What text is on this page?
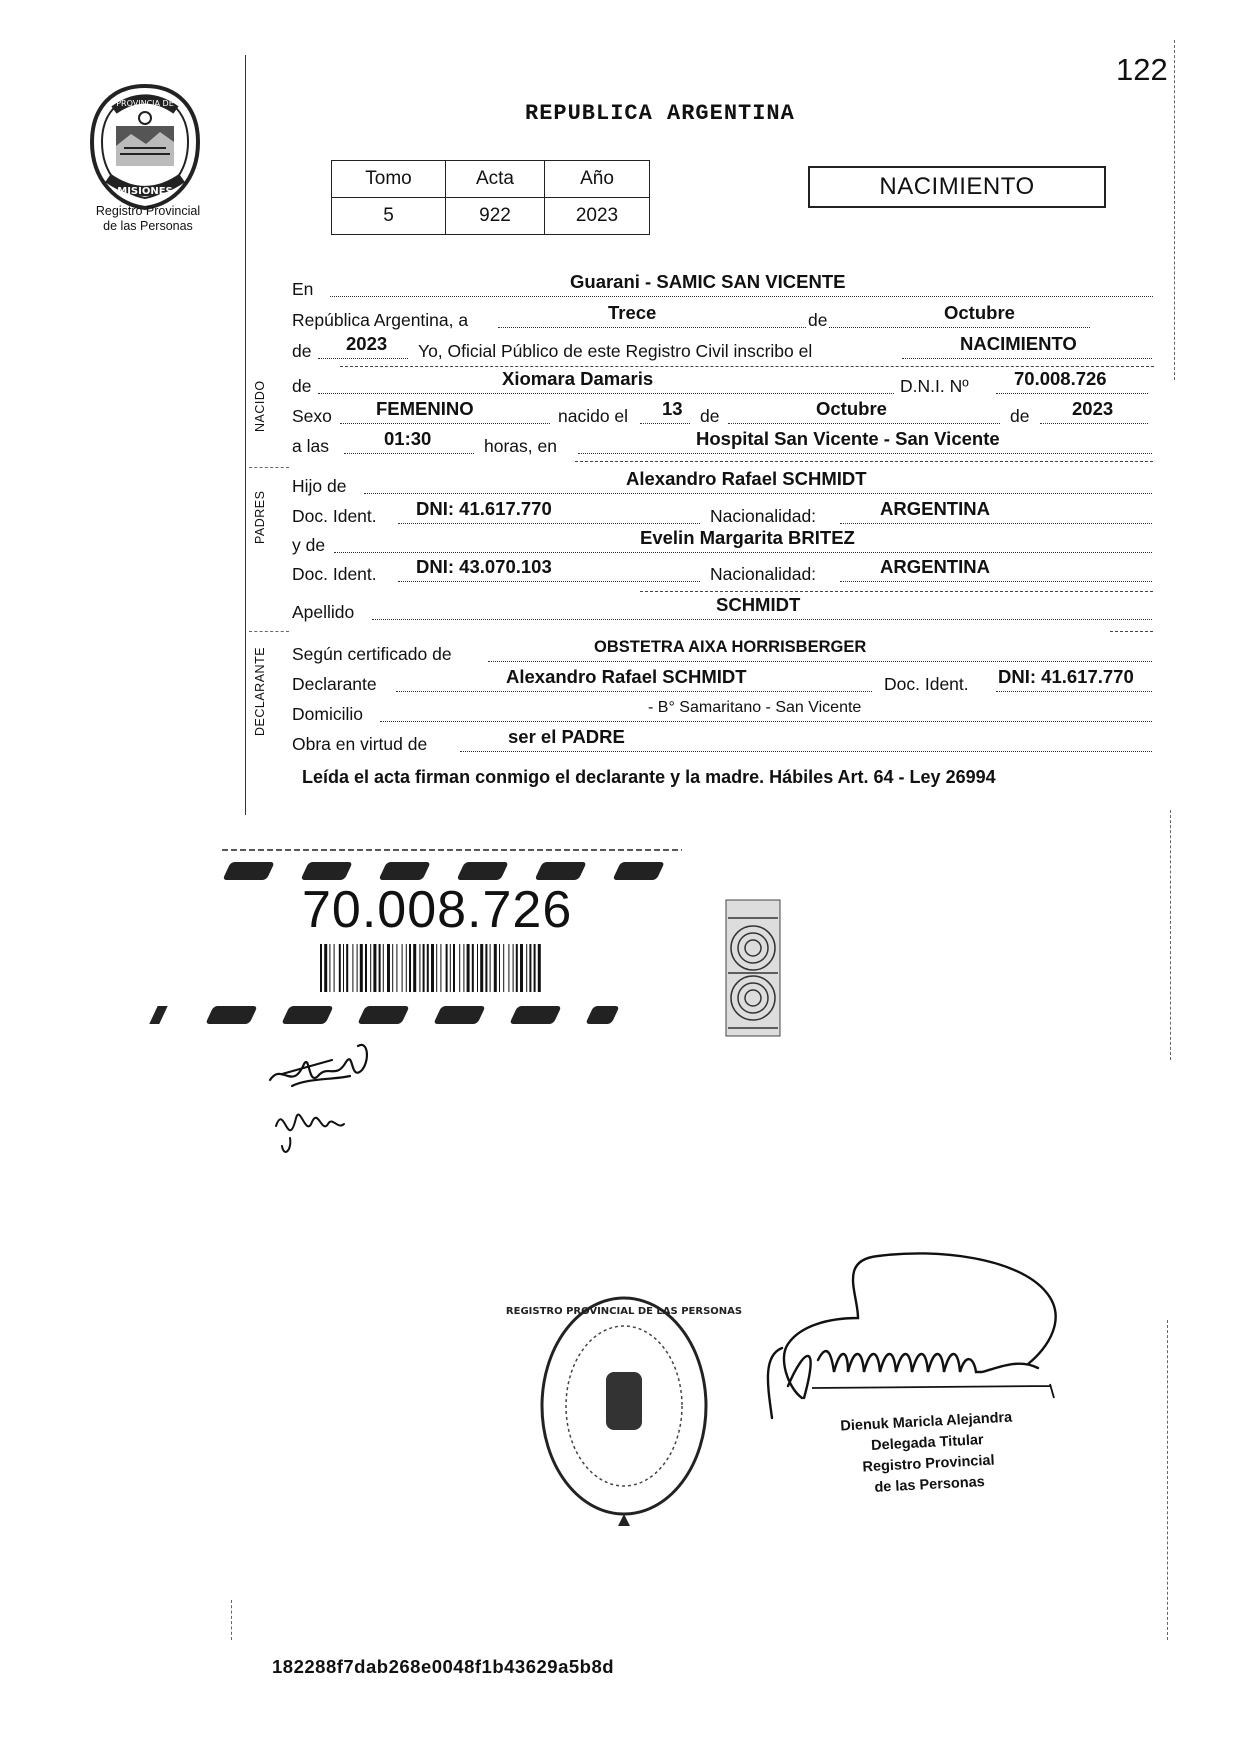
122
PROVINCIA DE
MISIONES
Registro Provincial
de las Personas
REPUBLICA ARGENTINA
Tomo	Acta	Año
5	922	2023
NACIMIENTO
NACIDO
PADRES
DECLARANTE
En	Guarani - SAMIC SAN VICENTE
República Argentina, a	Trece	de	Octubre
de 2023 Yo, Oficial Público de este Registro Civil inscribo el	NACIMIENTO
de	Xiomara Damaris	D.N.I. Nº 70.008.726
Sexo FEMENINO	nacido el 13 de	Octubre	de 2023
a las	01:30	horas, en	Hospital San Vicente - San Vicente
Hijo de	Alexandro Rafael SCHMIDT
Doc. Ident. DNI: 41.617.770	Nacionalidad:	ARGENTINA
y de	Evelin Margarita BRITEZ
Doc. Ident. DNI: 43.070.103	Nacionalidad:	ARGENTINA
Apellido	SCHMIDT
Según certificado de	OBSTETRA AIXA HORRISBERGER
Declarante	Alexandro Rafael SCHMIDT	Doc. Ident. DNI: 41.617.770
Domicilio	- B° Samaritano - San Vicente
Obra en virtud de	ser el PADRE
Leída el acta firman conmigo el declarante y la madre. Hábiles Art. 64 - Ley 26994
70.008.726
REGISTRO PROVINCIAL DE LAS PERSONAS
Dienuk Maricla Alejandra
Delegada Titular
Registro Provincial
de las Personas
182288f7dab268e0048f1b43629a5b8d
